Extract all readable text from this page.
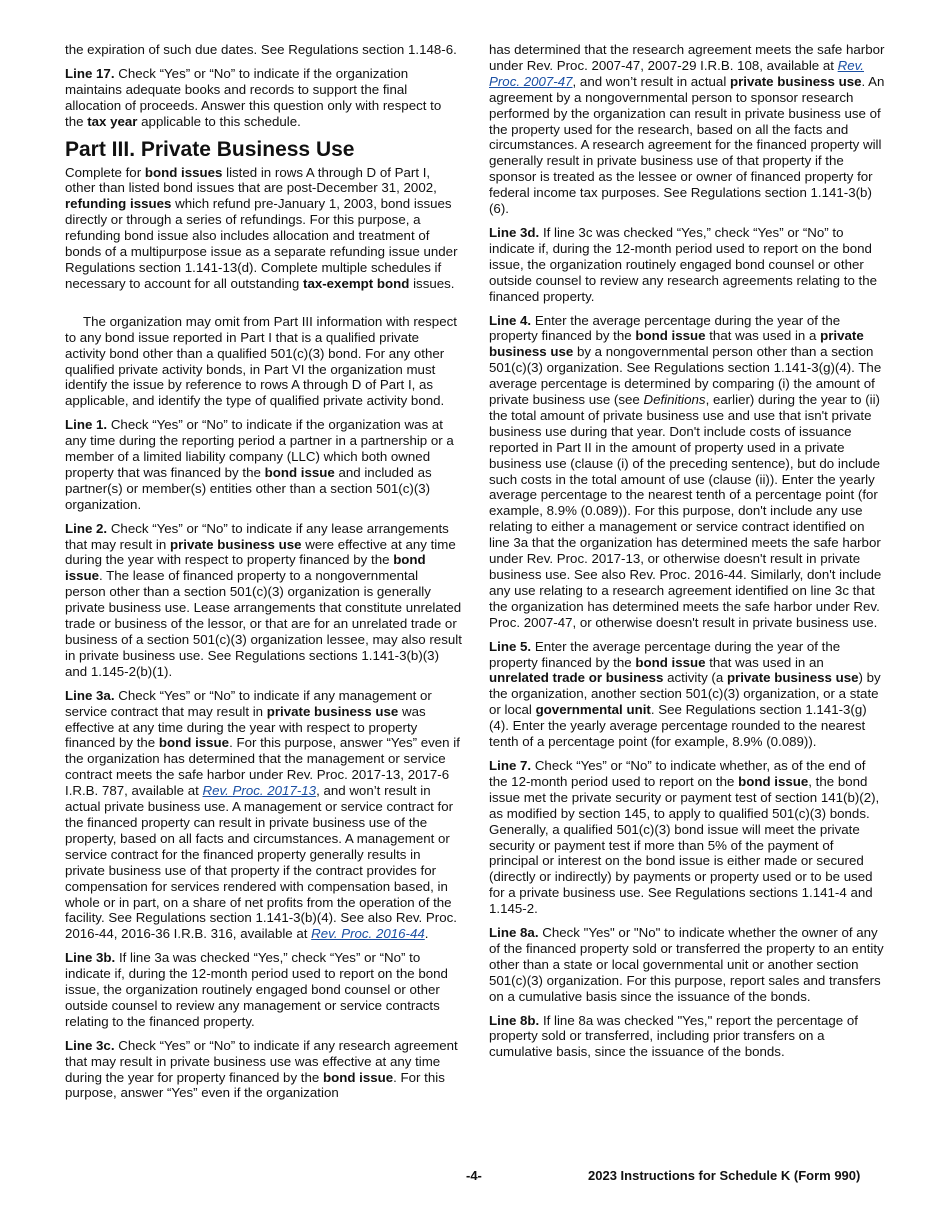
the expiration of such due dates. See Regulations section 1.148-6.

Line 17. Check “Yes” or “No” to indicate if the organization maintains adequate books and records to support the final allocation of proceeds. Answer this question only with respect to the tax year applicable to this schedule.

Part III. Private Business Use

Complete for bond issues listed in rows A through D of Part I, other than listed bond issues that are post-December 31, 2002, refunding issues which refund pre-January 1, 2003, bond issues directly or through a series of refundings. For this purpose, a refunding bond issue also includes allocation and treatment of bonds of a multipurpose issue as a separate refunding issue under Regulations section 1.141-13(d). Complete multiple schedules if necessary to account for all outstanding tax-exempt bond issues.

The organization may omit from Part III information with respect to any bond issue reported in Part I that is a qualified private activity bond other than a qualified 501(c)(3) bond. For any other qualified private activity bonds, in Part VI the organization must identify the issue by reference to rows A through D of Part I, as applicable, and identify the type of qualified private activity bond.

Line 1. Check “Yes” or “No” to indicate if the organization was at any time during the reporting period a partner in a partnership or a member of a limited liability company (LLC) which both owned property that was financed by the bond issue and included as partner(s) or member(s) entities other than a section 501(c)(3) organization.

Line 2. Check “Yes” or “No” to indicate if any lease arrangements that may result in private business use were effective at any time during the year with respect to property financed by the bond issue. The lease of financed property to a nongovernmental person other than a section 501(c)(3) organization is generally private business use. Lease arrangements that constitute unrelated trade or business of the lessor, or that are for an unrelated trade or business of a section 501(c)(3) organization lessee, may also result in private business use. See Regulations sections 1.141-3(b)(3) and 1.145-2(b)(1).

Line 3a. Check “Yes” or “No” to indicate if any management or service contract that may result in private business use was effective at any time during the year with respect to property financed by the bond issue. For this purpose, answer “Yes” even if the organization has determined that the management or service contract meets the safe harbor under Rev. Proc. 2017-13, 2017-6 I.R.B. 787, available at Rev. Proc. 2017-13, and won’t result in actual private business use. A management or service contract for the financed property can result in private business use of the property, based on all facts and circumstances. A management or service contract for the financed property generally results in private business use of that property if the contract provides for compensation for services rendered with compensation based, in whole or in part, on a share of net profits from the operation of the facility. See Regulations section 1.141-3(b)(4). See also Rev. Proc. 2016-44, 2016-36 I.R.B. 316, available at Rev. Proc. 2016-44.

Line 3b. If line 3a was checked “Yes,” check “Yes” or “No” to indicate if, during the 12-month period used to report on the bond issue, the organization routinely engaged bond counsel or other outside counsel to review any management or service contracts relating to the financed property.

Line 3c. Check “Yes” or “No” to indicate if any research agreement that may result in private business use was effective at any time during the year for property financed by the bond issue. For this purpose, answer “Yes” even if the organization

has determined that the research agreement meets the safe harbor under Rev. Proc. 2007-47, 2007-29 I.R.B. 108, available at Rev. Proc. 2007-47, and won’t result in actual private business use. An agreement by a nongovernmental person to sponsor research performed by the organization can result in private business use of the property used for the research, based on all the facts and circumstances. A research agreement for the financed property will generally result in private business use of that property if the sponsor is treated as the lessee or owner of financed property for federal income tax purposes. See Regulations section 1.141-3(b)(6).

Line 3d. If line 3c was checked “Yes,” check “Yes” or “No” to indicate if, during the 12-month period used to report on the bond issue, the organization routinely engaged bond counsel or other outside counsel to review any research agreements relating to the financed property.

Line 4. Enter the average percentage during the year of the property financed by the bond issue that was used in a private business use by a nongovernmental person other than a section 501(c)(3) organization. See Regulations section 1.141-3(g)(4). The average percentage is determined by comparing (i) the amount of private business use (see Definitions, earlier) during the year to (ii) the total amount of private business use and use that isn't private business use during that year. Don't include costs of issuance reported in Part II in the amount of property used in a private business use (clause (i) of the preceding sentence), but do include such costs in the total amount of use (clause (ii)). Enter the yearly average percentage to the nearest tenth of a percentage point (for example, 8.9% (0.089)). For this purpose, don't include any use relating to either a management or service contract identified on line 3a that the organization has determined meets the safe harbor under Rev. Proc. 2017-13, or otherwise doesn't result in private business use. See also Rev. Proc. 2016-44. Similarly, don't include any use relating to a research agreement identified on line 3c that the organization has determined meets the safe harbor under Rev. Proc. 2007-47, or otherwise doesn't result in private business use.

Line 5. Enter the average percentage during the year of the property financed by the bond issue that was used in an unrelated trade or business activity (a private business use) by the organization, another section 501(c)(3) organization, or a state or local governmental unit. See Regulations section 1.141-3(g)(4). Enter the yearly average percentage rounded to the nearest tenth of a percentage point (for example, 8.9% (0.089)).

Line 7. Check “Yes” or “No” to indicate whether, as of the end of the 12-month period used to report on the bond issue, the bond issue met the private security or payment test of section 141(b)(2), as modified by section 145, to apply to qualified 501(c)(3) bonds. Generally, a qualified 501(c)(3) bond issue will meet the private security or payment test if more than 5% of the payment of principal or interest on the bond issue is either made or secured (directly or indirectly) by payments or property used or to be used for a private business use. See Regulations sections 1.141-4 and 1.145-2.

Line 8a. Check "Yes" or "No" to indicate whether the owner of any of the financed property sold or transferred the property to an entity other than a state or local governmental unit or another section 501(c)(3) organization. For this purpose, report sales and transfers on a cumulative basis since the issuance of the bonds.

Line 8b. If line 8a was checked "Yes," report the percentage of property sold or transferred, including prior transfers on a cumulative basis, since the issuance of the bonds.

-4-	2023 Instructions for Schedule K (Form 990)
